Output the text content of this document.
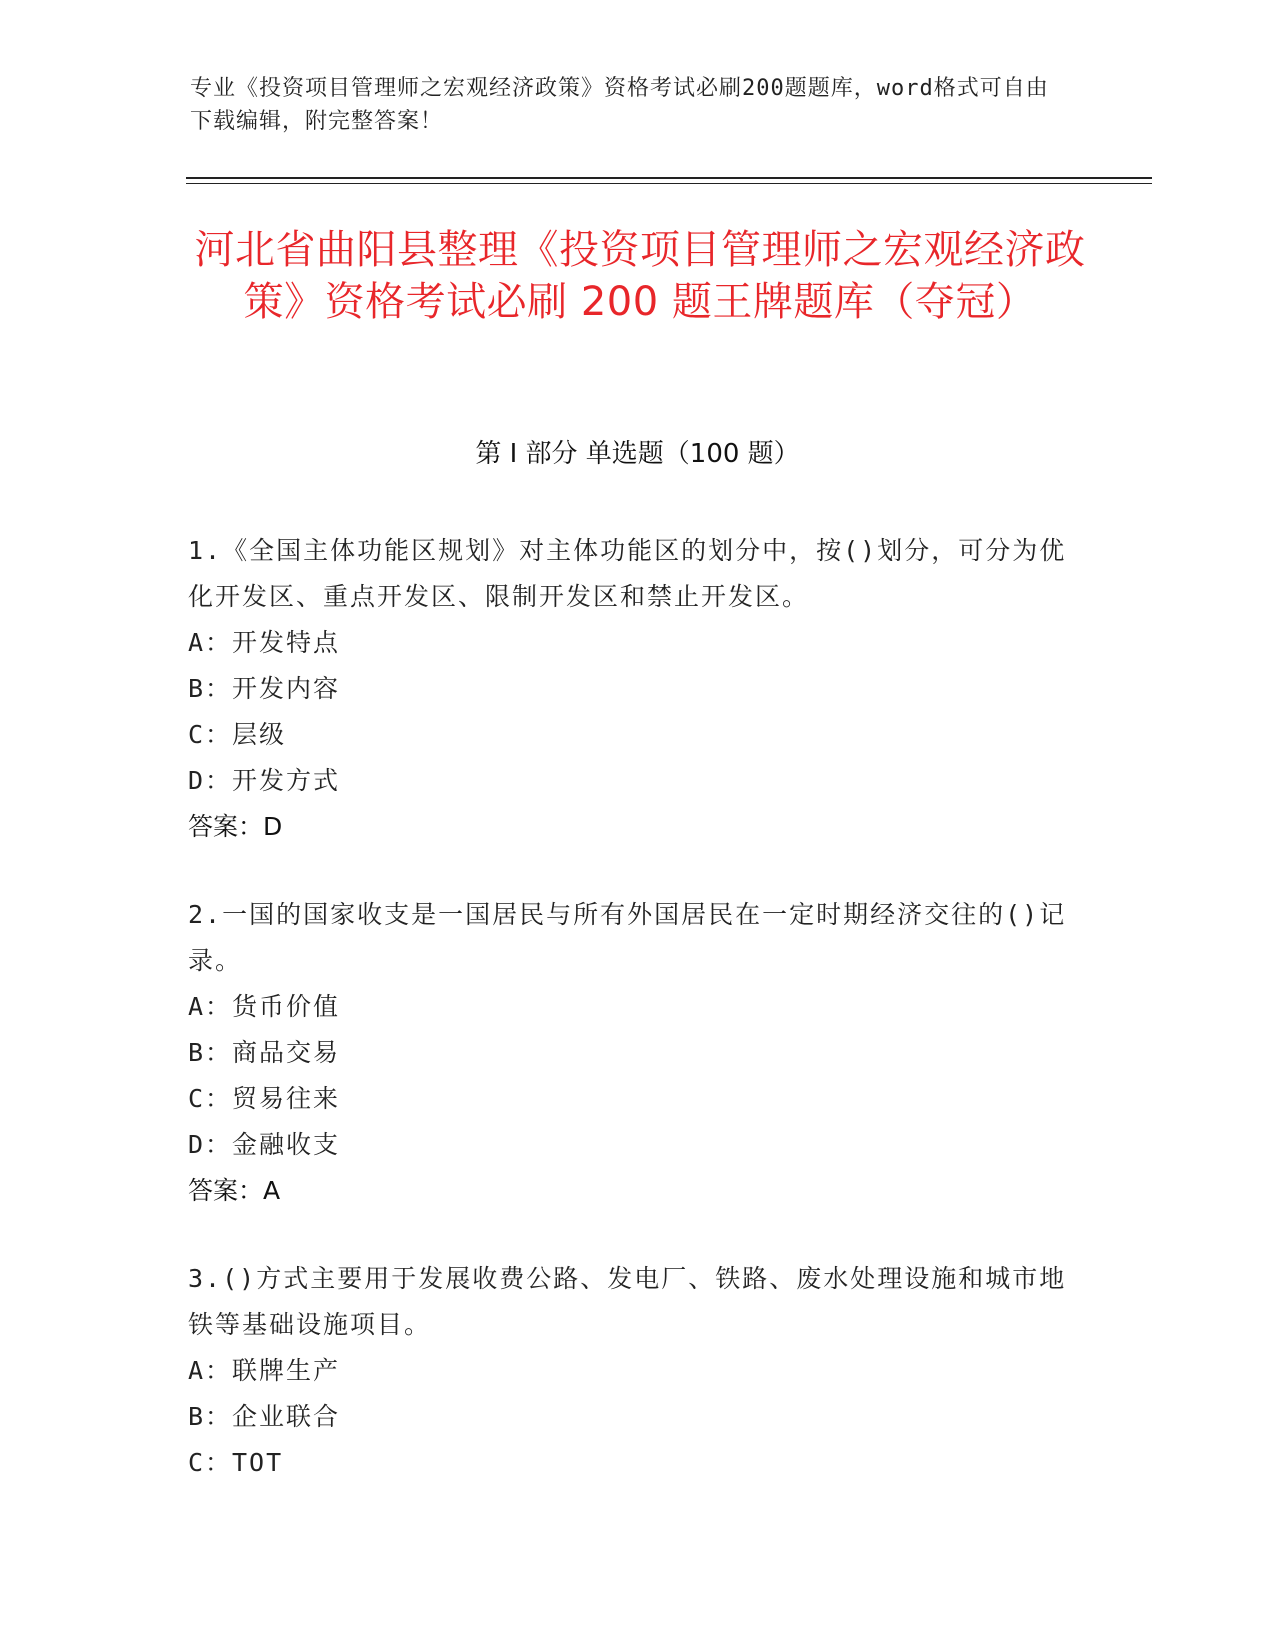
专业《投资项目管理师之宏观经济政策》资格考试必刷200题题库，word格式可自由下载编辑，附完整答案！
河北省曲阳县整理《投资项目管理师之宏观经济政策》资格考试必刷 200 题王牌题库（夺冠）
第 I 部分 单选题（100 题）

1.《全国主体功能区规划》对主体功能区的划分中，按()划分，可分为优化开发区、重点开发区、限制开发区和禁止开发区。

A： 开发特点
B： 开发内容
C： 层级
D： 开发方式
答案：D

2.一国的国家收支是一国居民与所有外国居民在一定时期经济交往的()记录。

A： 货币价值
B： 商品交易
C： 贸易往来
D： 金融收支
答案：A

3.()方式主要用于发展收费公路、发电厂、铁路、废水处理设施和城市地铁等基础设施项目。

A： 联牌生产
B： 企业联合
C： TOT
